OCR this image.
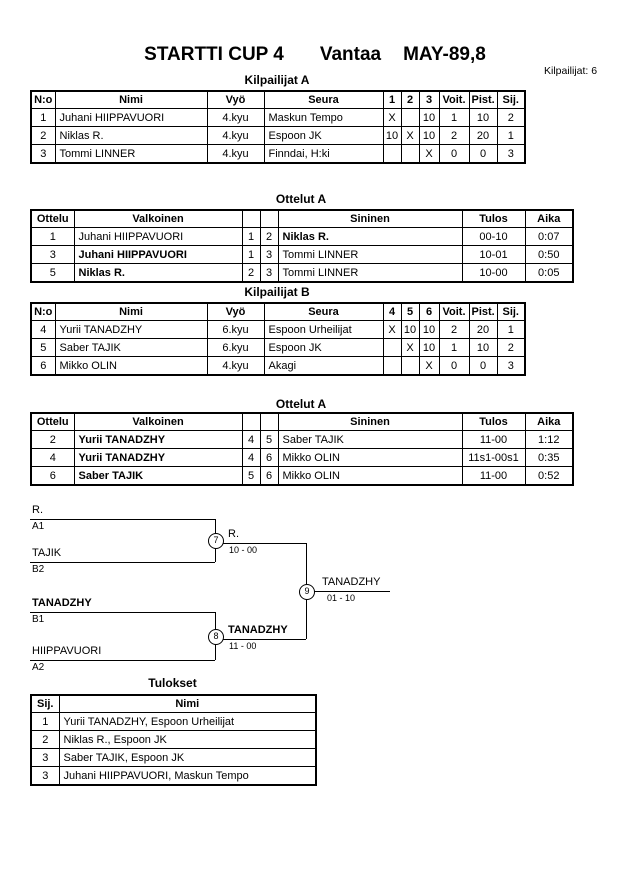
STARTTI CUP 4 Vantaa MAY-89,8
Kilpailijat: 6
Kilpailijat A
N:o	Nimi	Vyö	Seura	1	2	3	Voit.	Pist.	Sij.
1	Juhani HIIPPAVUORI	4.kyu	Maskun Tempo	X		10	1	10	2
2	Niklas R.	4.kyu	Espoon JK	10	X	10	2	20	1
3	Tommi LINNER	4.kyu	Finndai, H:ki			X	0	0	3
Ottelut A
Ottelu	Valkoinen			Sininen	Tulos	Aika
1	Juhani HIIPPAVUORI	1	2	Niklas R.	00-10	0:07
3	Juhani HIIPPAVUORI	1	3	Tommi LINNER	10-01	0:50
5	Niklas R.	2	3	Tommi LINNER	10-00	0:05
Kilpailijat B
N:o	Nimi	Vyö	Seura	4	5	6	Voit.	Pist.	Sij.
4	Yurii TANADZHY	6.kyu	Espoon Urheilijat	X	10	10	2	20	1
5	Saber TAJIK	6.kyu	Espoon JK		X	10	1	10	2
6	Mikko OLIN	4.kyu	Akagi			X	0	0	3
Ottelut A
Ottelu	Valkoinen			Sininen	Tulos	Aika
2	Yurii TANADZHY	4	5	Saber TAJIK	11-00	1:12
4	Yurii TANADZHY	4	6	Mikko OLIN	11s1-00s1	0:35
6	Saber TAJIK	5	6	Mikko OLIN	11-00	0:52
R.
A1
TAJIK
B2
R.
10 - 00
7
TANADZHY
B1
HIIPPAVUORI
A2
TANADZHY
11 - 00
8
TANADZHY
01 - 10
9
Tulokset
Sij.	Nimi
1	Yurii TANADZHY, Espoon Urheilijat
2	Niklas R., Espoon JK
3	Saber TAJIK, Espoon JK
3	Juhani HIIPPAVUORI, Maskun Tempo
